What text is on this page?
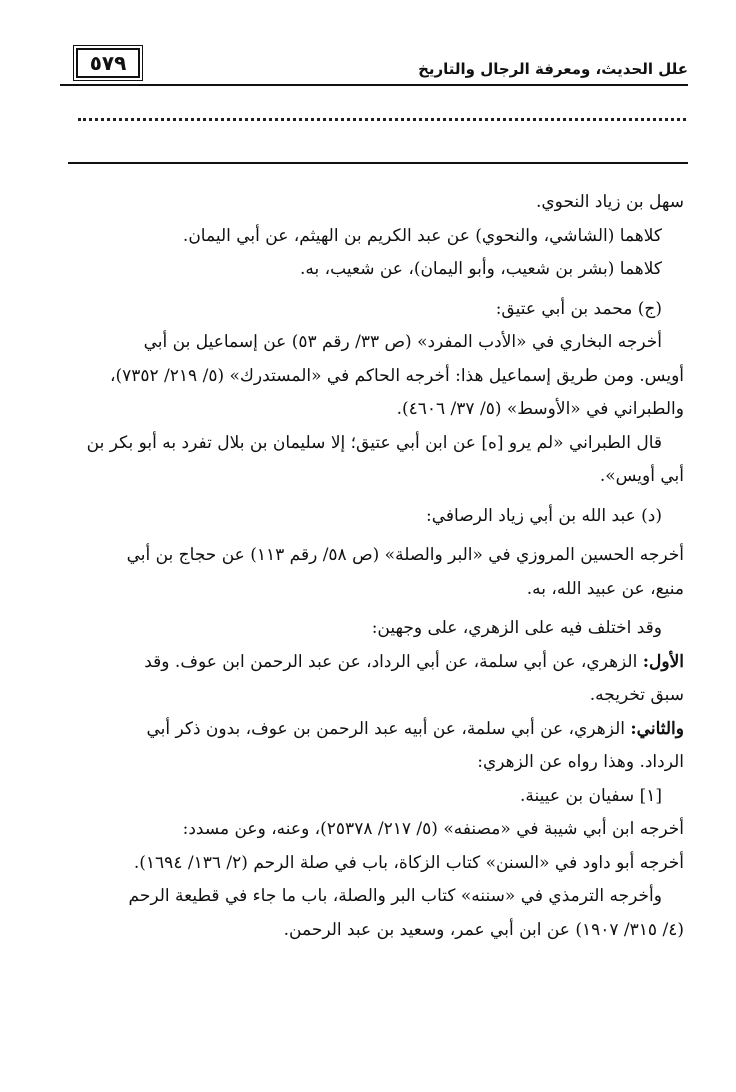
٥٧٩	علل الحديث، ومعرفة الرجال والتاريخ
سهل بن زياد النحوي.
كلاهما (الشاشي، والنحوي) عن عبد الكريم بن الهيثم، عن أبي اليمان.
كلاهما (بشر بن شعيب، وأبو اليمان)، عن شعيب، به.
(ج) محمد بن أبي عتيق:
أخرجه البخاري في «الأدب المفرد» (ص ٣٣/ رقم ٥٣) عن إسماعيل بن أبي
أويس. ومن طريق إسماعيل هذا: أخرجه الحاكم في «المستدرك» (٥/ ٢١٩/ ٧٣٥٢)،
والطبراني في «الأوسط» (٥/ ٣٧/ ٤٦٠٦).
قال الطبراني «لم يرو [ه] عن ابن أبي عتيق؛ إلا سليمان بن بلال تفرد به أبو بكر بن
أبي أويس».
(د) عبد الله بن أبي زياد الرصافي:
أخرجه الحسين المروزي في «البر والصلة» (ص ٥٨/ رقم ١١٣) عن حجاج بن أبي
منيع، عن عبيد الله، به.
وقد اختلف فيه على الزهري، على وجهين:
الأول: الزهري، عن أبي سلمة، عن أبي الرداد، عن عبد الرحمن ابن عوف. وقد
سبق تخريجه.
والثاني: الزهري، عن أبي سلمة، عن أبيه عبد الرحمن بن عوف، بدون ذكر أبي
الرداد. وهذا رواه عن الزهري:
[١] سفيان بن عيينة.
أخرجه ابن أبي شيبة في «مصنفه» (٥/ ٢١٧/ ٢٥٣٧٨)، وعنه، وعن مسدد:
أخرجه أبو داود في «السنن» كتاب الزكاة، باب في صلة الرحم (٢/ ١٣٦/ ١٦٩٤).
وأخرجه الترمذي في «سننه» كتاب البر والصلة، باب ما جاء في قطيعة الرحم
(٤/ ٣١٥/ ١٩٠٧) عن ابن أبي عمر، وسعيد بن عبد الرحمن.
